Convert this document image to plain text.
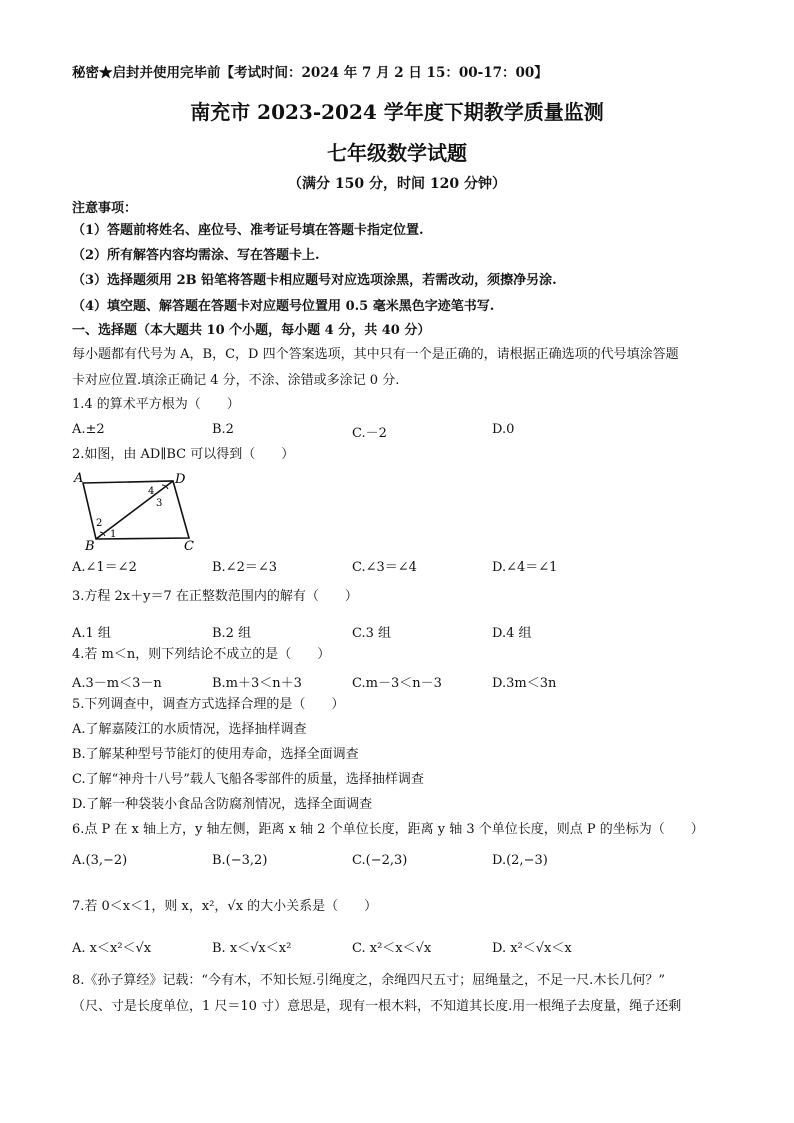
秘密★启封并使用完毕前【考试时间：2024 年 7 月 2 日 15：00-17：00】
南充市 2023-2024 学年度下期教学质量监测
七年级数学试题
（满分 150 分，时间 120 分钟）
注意事项：
（1）答题前将姓名、座位号、准考证号填在答题卡指定位置.
（2）所有解答内容均需涂、写在答题卡上.
（3）选择题须用 2B 铅笔将答题卡相应题号对应选项涂黑，若需改动，须擦净另涂.
（4）填空题、解答题在答题卡对应题号位置用 0.5 毫米黑色字迹笔书写.
一、选择题（本大题共 10 个小题，每小题 4 分，共 40 分）
每小题都有代号为 A，B，C，D 四个答案选项，其中只有一个是正确的，请根据正确选项的代号填涂答题
卡对应位置.填涂正确记 4 分，不涂、涂错或多涂记 0 分.
1.4 的算术平方根为（　　）
A.±2	B.2	C.－2	D.0
2.如图，由 AD∥BC 可以得到（　　）
A	D
B	C
1
2
3
4
A.∠1＝∠2	B.∠2＝∠3	C.∠3＝∠4	D.∠4＝∠1
3.方程 2x＋y＝7 在正整数范围内的解有（　　）
A.1 组	B.2 组	C.3 组	D.4 组
4.若 m＜n，则下列结论不成立的是（　　）
A.3－m＜3－n	B.m＋3＜n＋3	C.m－3＜n－3	D.3m＜3n
5.下列调查中，调查方式选择合理的是（　　）
A.了解嘉陵江的水质情况，选择抽样调查
B.了解某种型号节能灯的使用寿命，选择全面调查
C.了解“神舟十八号”载人飞船各零部件的质量，选择抽样调查
D.了解一种袋装小食品含防腐剂情况，选择全面调查
6.点 P 在 x 轴上方，y 轴左侧，距离 x 轴 2 个单位长度，距离 y 轴 3 个单位长度，则点 P 的坐标为（　　）
A.(3,−2)	B.(−3,2)	C.(−2,3)	D.(2,−3)
7.若 0＜x＜1，则 x，x²，√x 的大小关系是（　　）
A. x＜x²＜√x	B. x＜√x＜x²	C. x²＜x＜√x	D. x²＜√x＜x
8.《孙子算经》记载：“今有木，不知长短.引绳度之，余绳四尺五寸；屈绳量之，不足一尺.木长几何？”
（尺、寸是长度单位，1 尺＝10 寸）意思是，现有一根木料，不知道其长度.用一根绳子去度量，绳子还剩
